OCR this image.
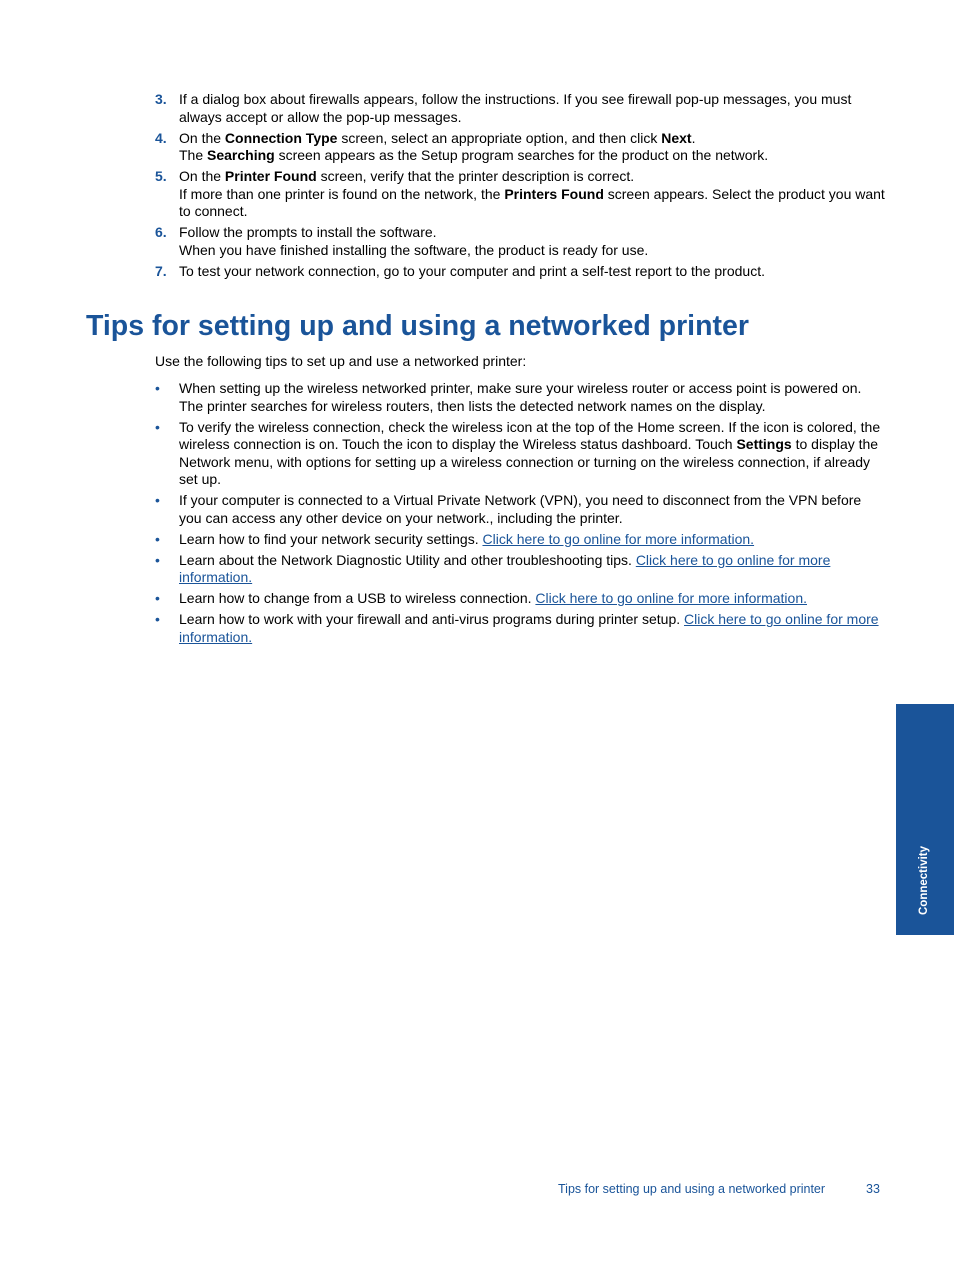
3. If a dialog box about firewalls appears, follow the instructions. If you see firewall pop-up messages, you must always accept or allow the pop-up messages.
4. On the Connection Type screen, select an appropriate option, and then click Next.
The Searching screen appears as the Setup program searches for the product on the network.
5. On the Printer Found screen, verify that the printer description is correct.
If more than one printer is found on the network, the Printers Found screen appears. Select the product you want to connect.
6. Follow the prompts to install the software.
When you have finished installing the software, the product is ready for use.
7. To test your network connection, go to your computer and print a self-test report to the product.
Tips for setting up and using a networked printer

Use the following tips to set up and use a networked printer:

•	When setting up the wireless networked printer, make sure your wireless router or access point is powered on. The printer searches for wireless routers, then lists the detected network names on the display.
•	To verify the wireless connection, check the wireless icon at the top of the Home screen. If the icon is colored, the wireless connection is on. Touch the icon to display the Wireless status dashboard. Touch Settings to display the Network menu, with options for setting up a wireless connection or turning on the wireless connection, if already set up.
•	If your computer is connected to a Virtual Private Network (VPN), you need to disconnect from the VPN before you can access any other device on your network., including the printer.
•	Learn how to find your network security settings. Click here to go online for more information.
•	Learn about the Network Diagnostic Utility and other troubleshooting tips. Click here to go online for more information.
•	Learn how to change from a USB to wireless connection. Click here to go online for more information.
•	Learn how to work with your firewall and anti-virus programs during printer setup. Click here to go online for more information.
Connectivity
Tips for setting up and using a networked printer	33
